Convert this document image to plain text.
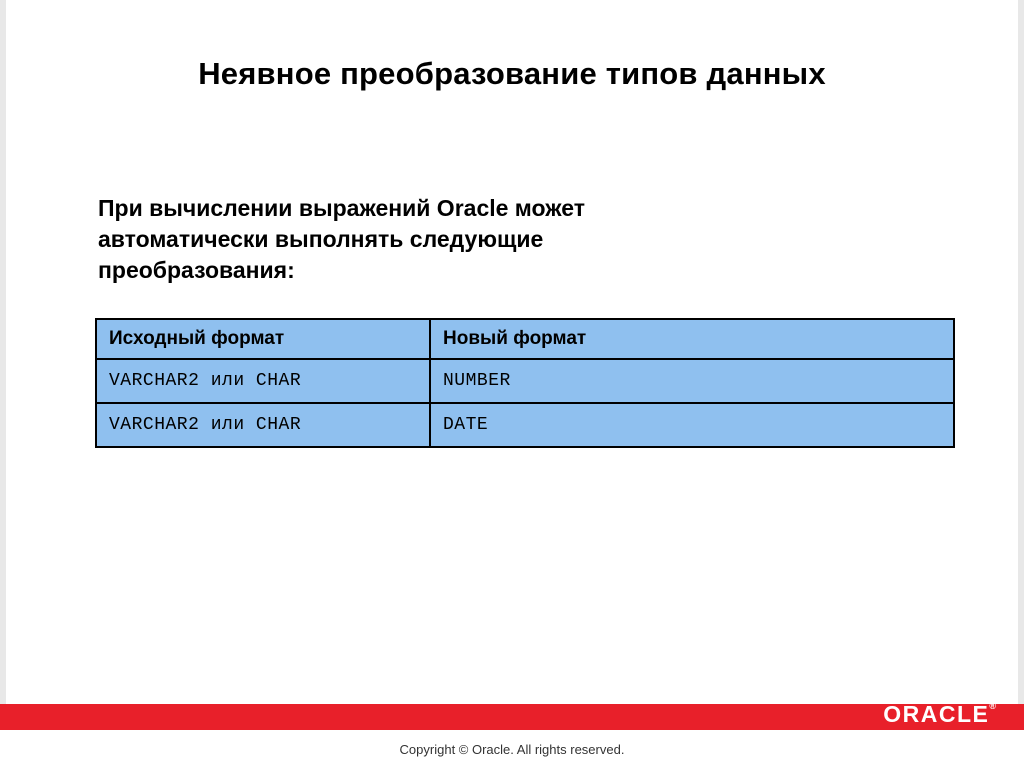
Неявное преобразование типов данных
При вычислении выражений Oracle может автоматически выполнять следующие преобразования:
Исходный формат	Новый формат
VARCHAR2 или CHAR	NUMBER
VARCHAR2 или CHAR	DATE
ORACLE®
Copyright © Oracle. All rights reserved.
